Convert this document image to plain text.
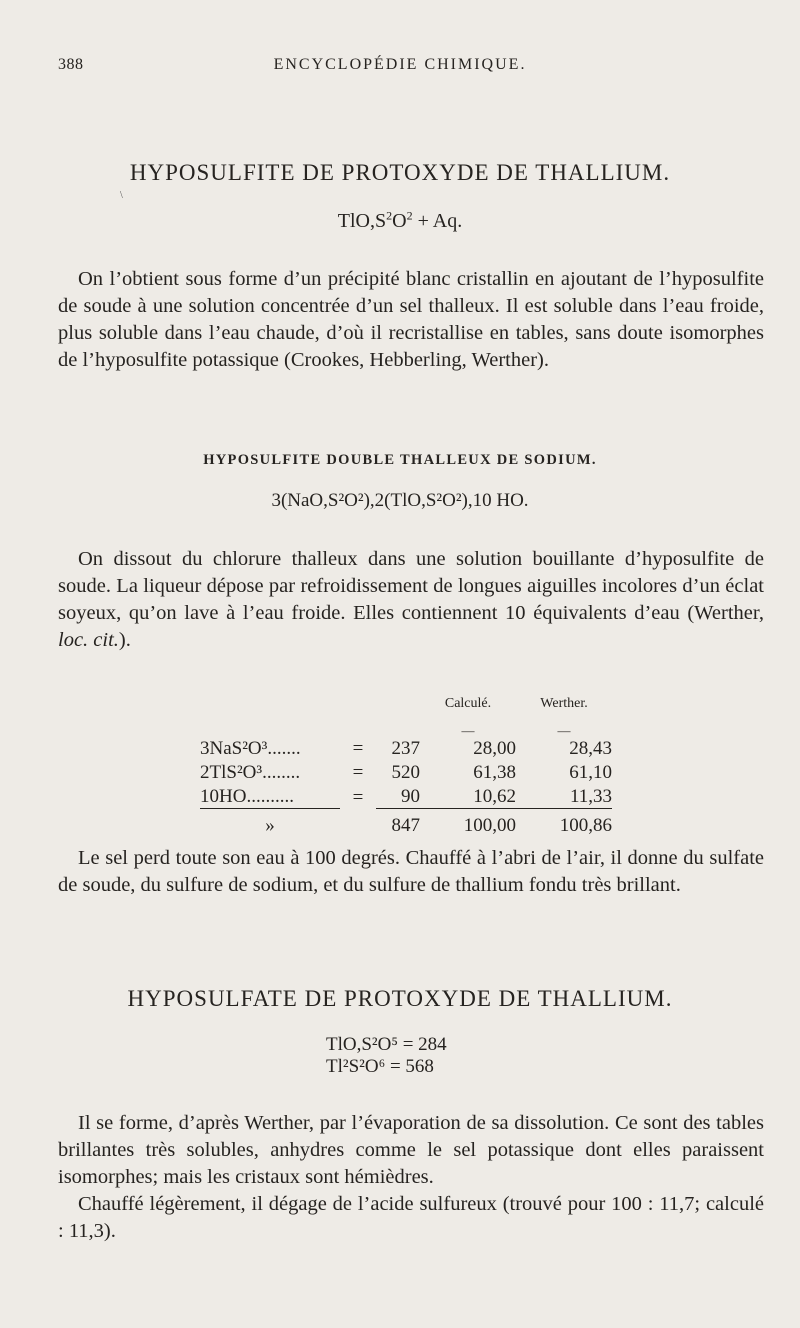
388	ENCYCLOPÉDIE CHIMIQUE.
HYPOSULFITE DE PROTOXYDE DE THALLIUM.
\
$TlO,S^2O^2 + Aq$.
On l’obtient sous forme d’un précipité blanc cristallin en ajoutant de l’hyposulfite de soude à une solution concentrée d’un sel thalleux. Il est soluble dans l’eau froide, plus soluble dans l’eau chaude, d’où il recristallise en tables, sans doute isomorphes de l’hyposulfite potassique (Crookes, Hebberling, Werther).
HYPOSULFITE DOUBLE THALLEUX DE SODIUM.
3(NaO,S²O²),2(TlO,S²O²),10 HO.
On dissout du chlorure thalleux dans une solution bouillante d’hyposulfite de soude. La liqueur dépose par refroidissement de longues aiguilles incolores d’un éclat soyeux, qu’on lave à l’eau froide. Elles contiennent 10 équivalents d’eau (Werther, loc. cit.).
			Calculé.	Werther.
			—	—
3NaS²O³.......	=	237	28,00	28,43
2TlS²O³........	=	520	61,38	61,10
10HO..........	=	90	10,62	11,33
»		847	100,00	100,86
Le sel perd toute son eau à 100 degrés. Chauffé à l’abri de l’air, il donne du sulfate de soude, du sulfure de sodium, et du sulfure de thallium fondu très brillant.
HYPOSULFATE DE PROTOXYDE DE THALLIUM.
TlO,S²O⁵ = 284
Tl²S²O⁶ = 568
Il se forme, d’après Werther, par l’évaporation de sa dissolution. Ce sont des tables brillantes très solubles, anhydres comme le sel potassique dont elles paraissent isomorphes; mais les cristaux sont hémièdres.
Chauffé légèrement, il dégage de l’acide sulfureux (trouvé pour 100 : 11,7; calculé : 11,3).
